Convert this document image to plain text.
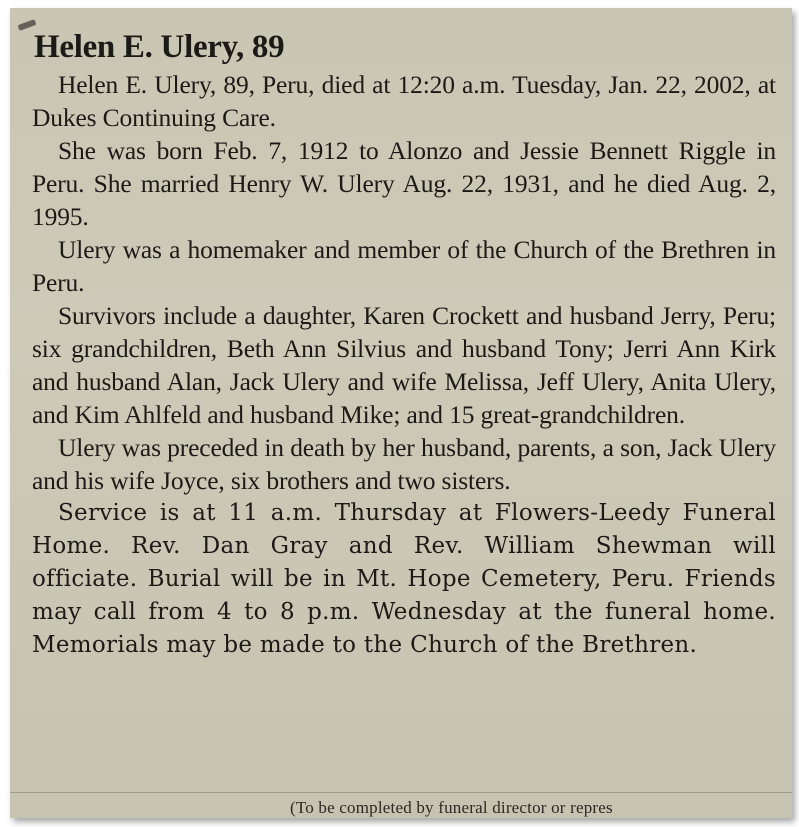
Helen E. Ulery, 89

Helen E. Ulery, 89, Peru, died at 12:20 a.m. Tuesday, Jan. 22, 2002, at Dukes Continuing Care.

She was born Feb. 7, 1912 to Alonzo and Jessie Bennett Riggle in Peru. She married Henry W. Ulery Aug. 22, 1931, and he died Aug. 2, 1995.

Ulery was a homemaker and member of the Church of the Brethren in Peru.

Survivors include a daughter, Karen Crockett and husband Jerry, Peru; six grandchildren, Beth Ann Silvius and husband Tony; Jerri Ann Kirk and husband Alan, Jack Ulery and wife Melissa, Jeff Ulery, Anita Ulery, and Kim Ahlfeld and husband Mike; and 15 great-grandchildren.

Ulery was preceded in death by her husband, parents, a son, Jack Ulery and his wife Joyce, six brothers and two sisters.

Service is at 11 a.m. Thursday at Flowers-Leedy Funeral Home. Rev. Dan Gray and Rev. William Shewman will officiate. Burial will be in Mt. Hope Cemetery, Peru. Friends may call from 4 to 8 p.m. Wednesday at the funeral home. Memorials may be made to the Church of the Brethren.

(To be completed by funeral director or repres
